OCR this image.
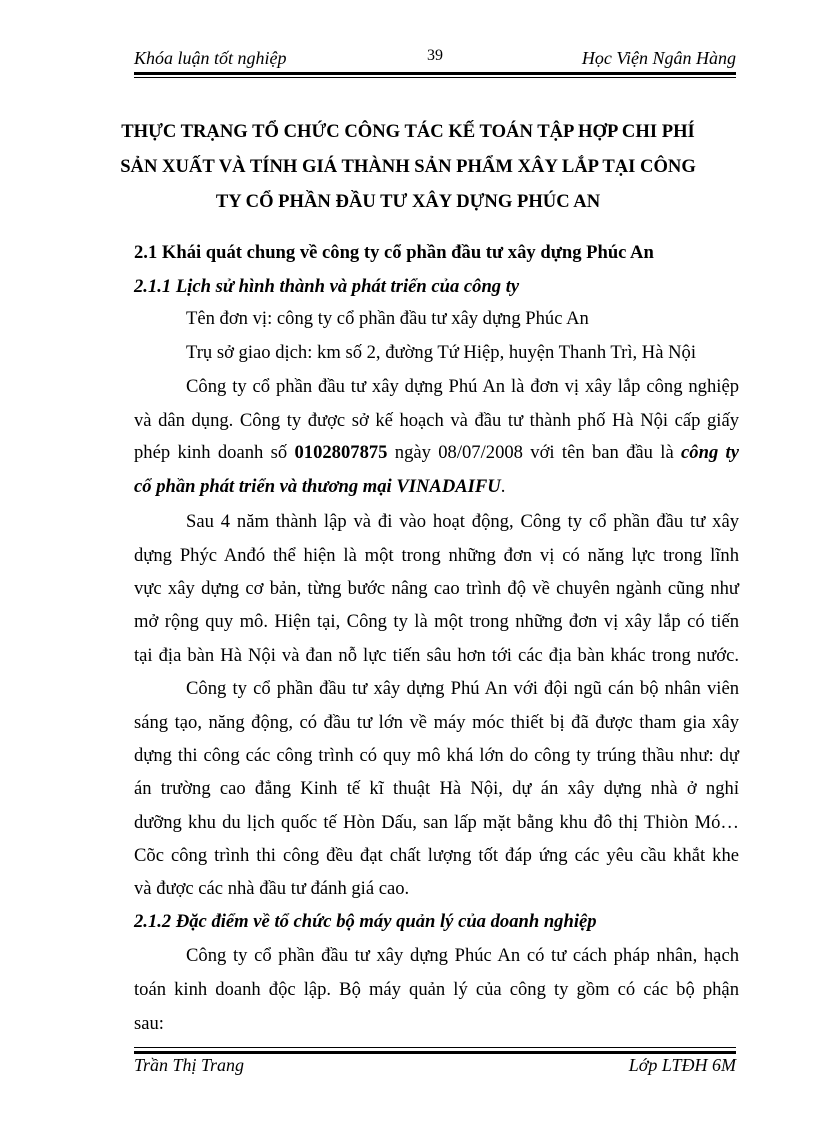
Khóa luận tốt nghiệp	39	Học Viện Ngân Hàng
THỰC TRẠNG TỔ CHỨC CÔNG TÁC KẾ TOÁN TẬP HỢP CHI PHÍ
SẢN XUẤT VÀ TÍNH GIÁ THÀNH SẢN PHẨM XÂY LẮP TẠI CÔNG
TY CỔ PHẦN ĐẦU TƯ XÂY DỰNG PHÚC AN
2.1 Khái quát chung về công ty cổ phần đầu tư xây dựng Phúc An
2.1.1 Lịch sử hình thành và phát triển của công ty
Tên đơn vị: công ty cổ phần đầu tư xây dựng Phúc An
Trụ sở giao dịch: km số 2, đường Tứ Hiệp, huyện Thanh Trì, Hà Nội
Công ty cổ phần đầu tư xây dựng Phú An là đơn vị xây lắp công nghiệp
và dân dụng. Công ty được sở kế hoạch và đầu tư thành phố Hà Nội cấp giấy
phép kinh doanh số 0102807875 ngày 08/07/2008 với tên ban đầu là công ty
cổ phần phát triển và thương mại VINADAIFU.
Sau 4 năm thành lập và đi vào hoạt động, Công ty cổ phần đầu tư xây
dựng Phýc Anđó thể hiện là một trong những đơn vị có năng lực trong lĩnh
vực xây dựng cơ bản, từng bước nâng cao trình độ về chuyên ngành cũng như
mở rộng quy mô. Hiện tại, Công ty là một trong những đơn vị xây lắp có tiến
tại địa bàn Hà Nội và đan nỗ lực tiến sâu hơn tới các địa bàn khác trong nước.
Công ty cổ phần đầu tư xây dựng Phú An với đội ngũ cán bộ nhân viên
sáng tạo, năng động, có đầu tư lớn về máy móc thiết bị đã được tham gia xây
dựng thi công các công trình có quy mô khá lớn do công ty trúng thầu như: dự
án trường cao đẳng Kinh tế kĩ thuật Hà Nội, dự án xây dựng nhà ở nghỉ
dưỡng khu du lịch quốc tế Hòn Dấu, san lấp mặt bằng khu đô thị Thiòn Mó…
Cõc công trình thi công đều đạt chất lượng tốt đáp ứng các yêu cầu khắt khe
và được các nhà đầu tư đánh giá cao.
2.1.2 Đặc điểm về tổ chức bộ máy quản lý của doanh nghiệp
Công ty cổ phần đầu tư xây dựng Phúc An có tư cách pháp nhân, hạch
toán kinh doanh độc lập. Bộ máy quản lý của công ty gồm có các bộ phận
sau:
Trần Thị Trang	Lớp LTĐH 6M
